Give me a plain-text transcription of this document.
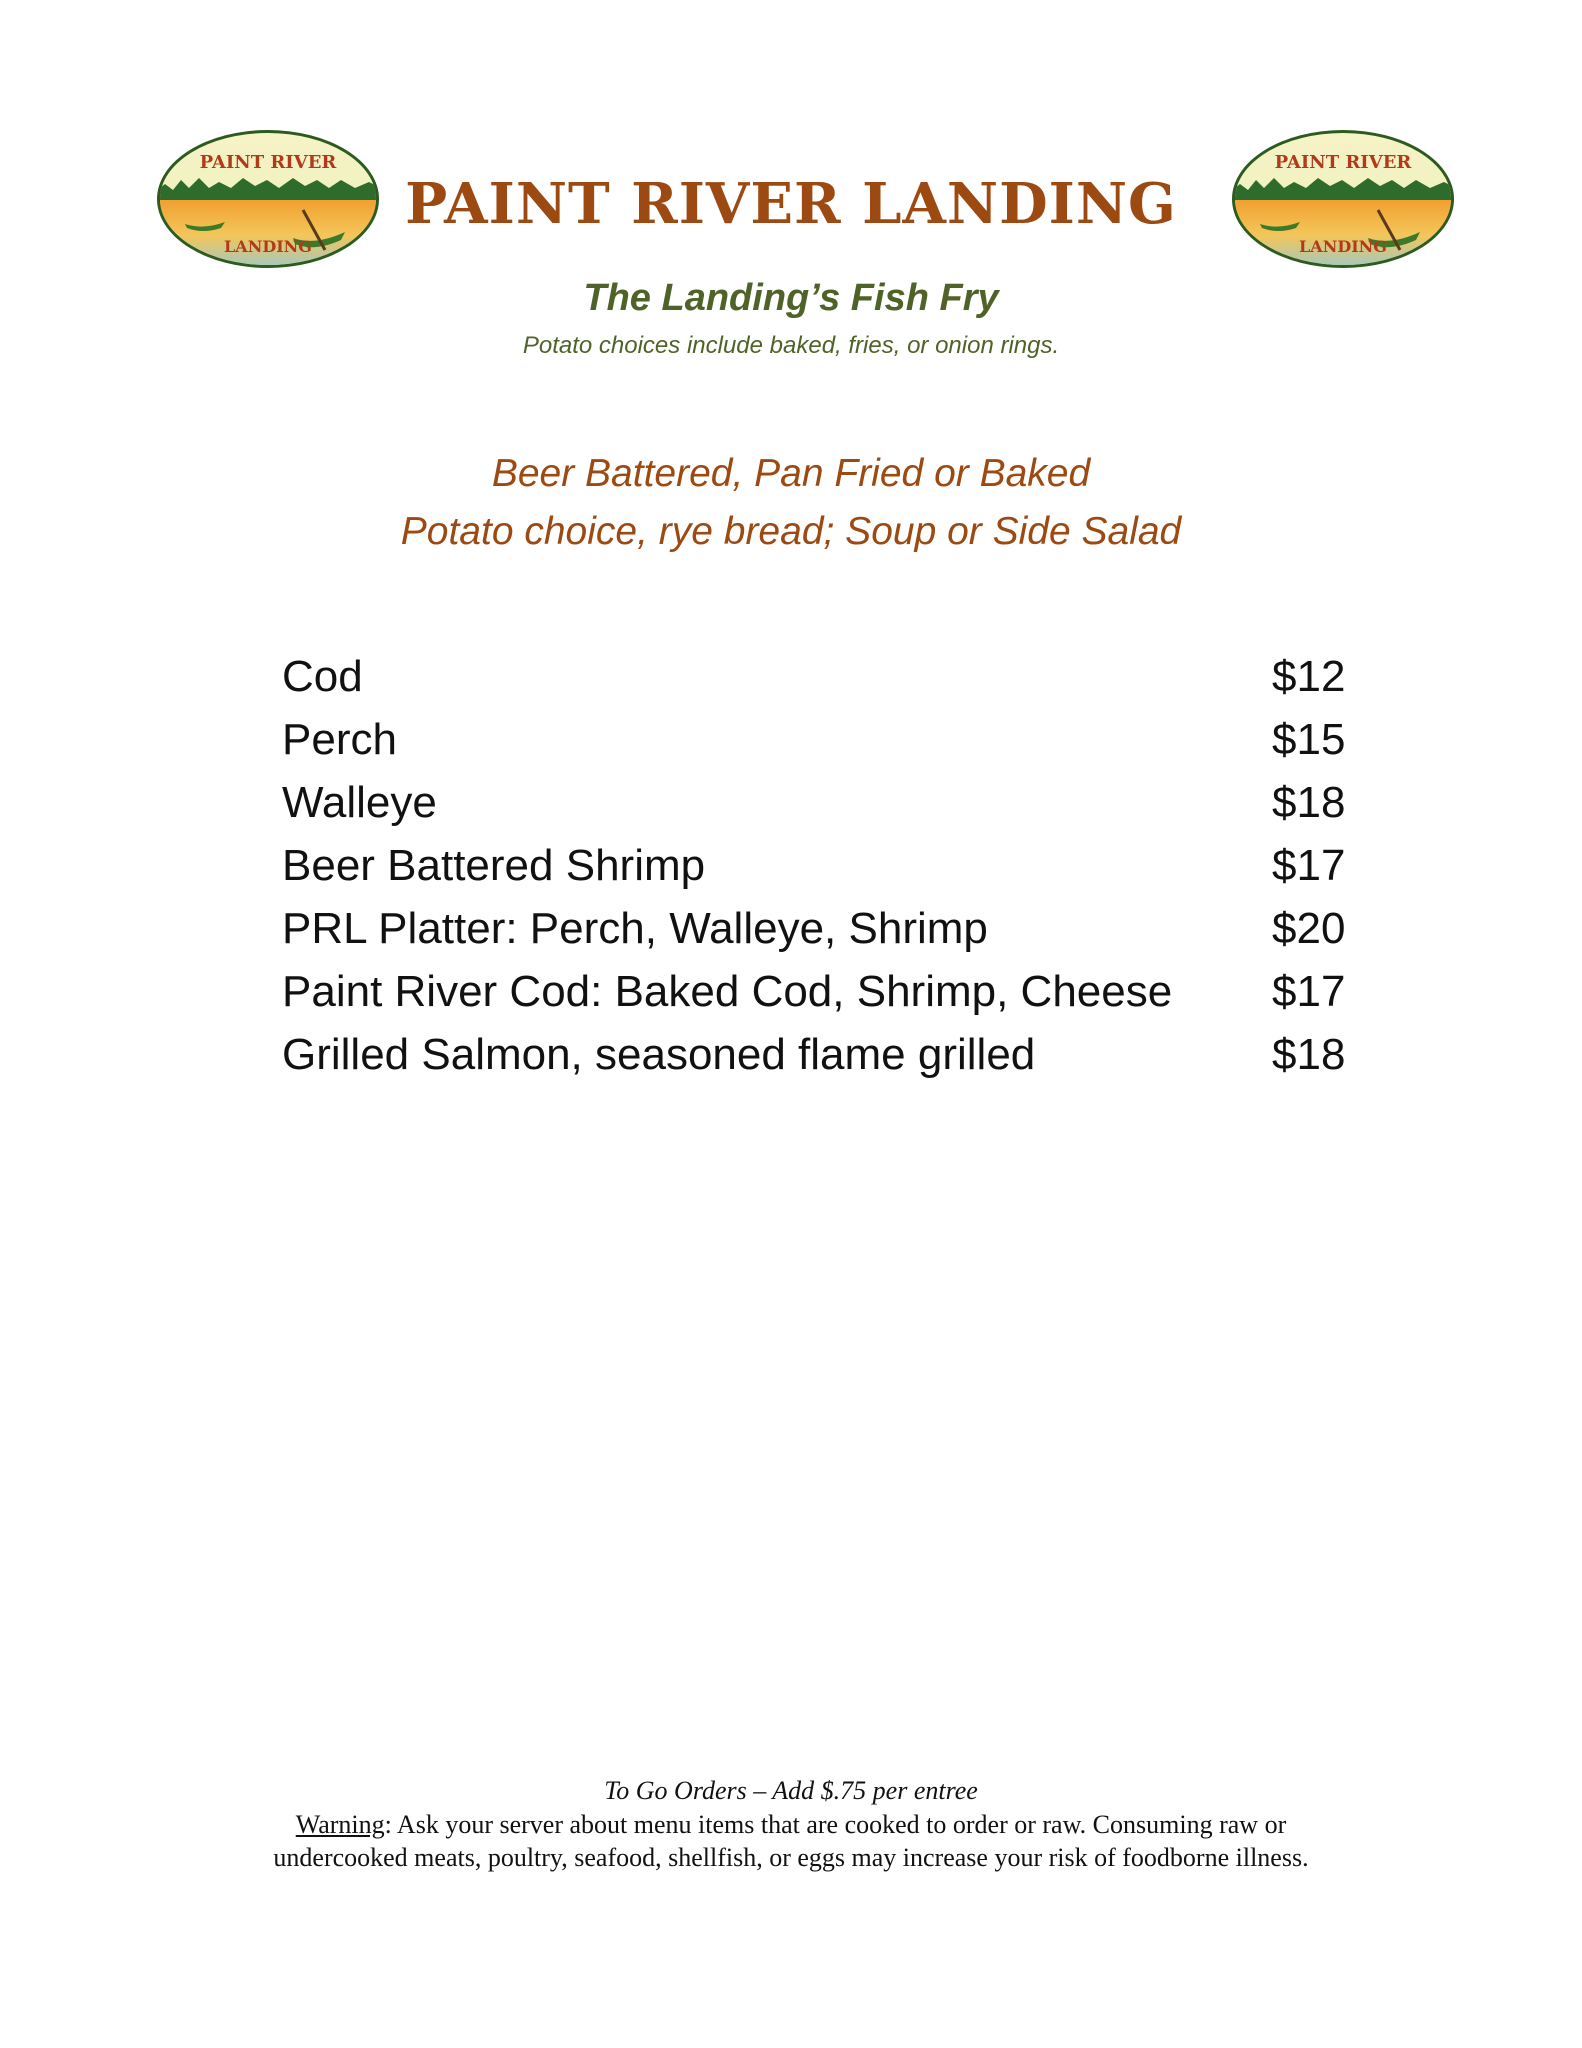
PAINT RIVER
LANDING
PAINT RIVER
LANDING
PAINT RIVER LANDING
The Landing’s Fish Fry
Potato choices include baked, fries, or onion rings.
Beer Battered, Pan Fried or Baked
Potato choice, rye bread; Soup or Side Salad
Cod	$12
Perch	$15
Walleye	$18
Beer Battered Shrimp	$17
PRL Platter: Perch, Walleye, Shrimp	$20
Paint River Cod: Baked Cod, Shrimp, Cheese $17
Grilled Salmon, seasoned flame grilled	$18
To Go Orders – Add $.75 per entree
Warning: Ask your server about menu items that are cooked to order or raw. Consuming raw or
undercooked meats, poultry, seafood, shellfish, or eggs may increase your risk of foodborne illness.
